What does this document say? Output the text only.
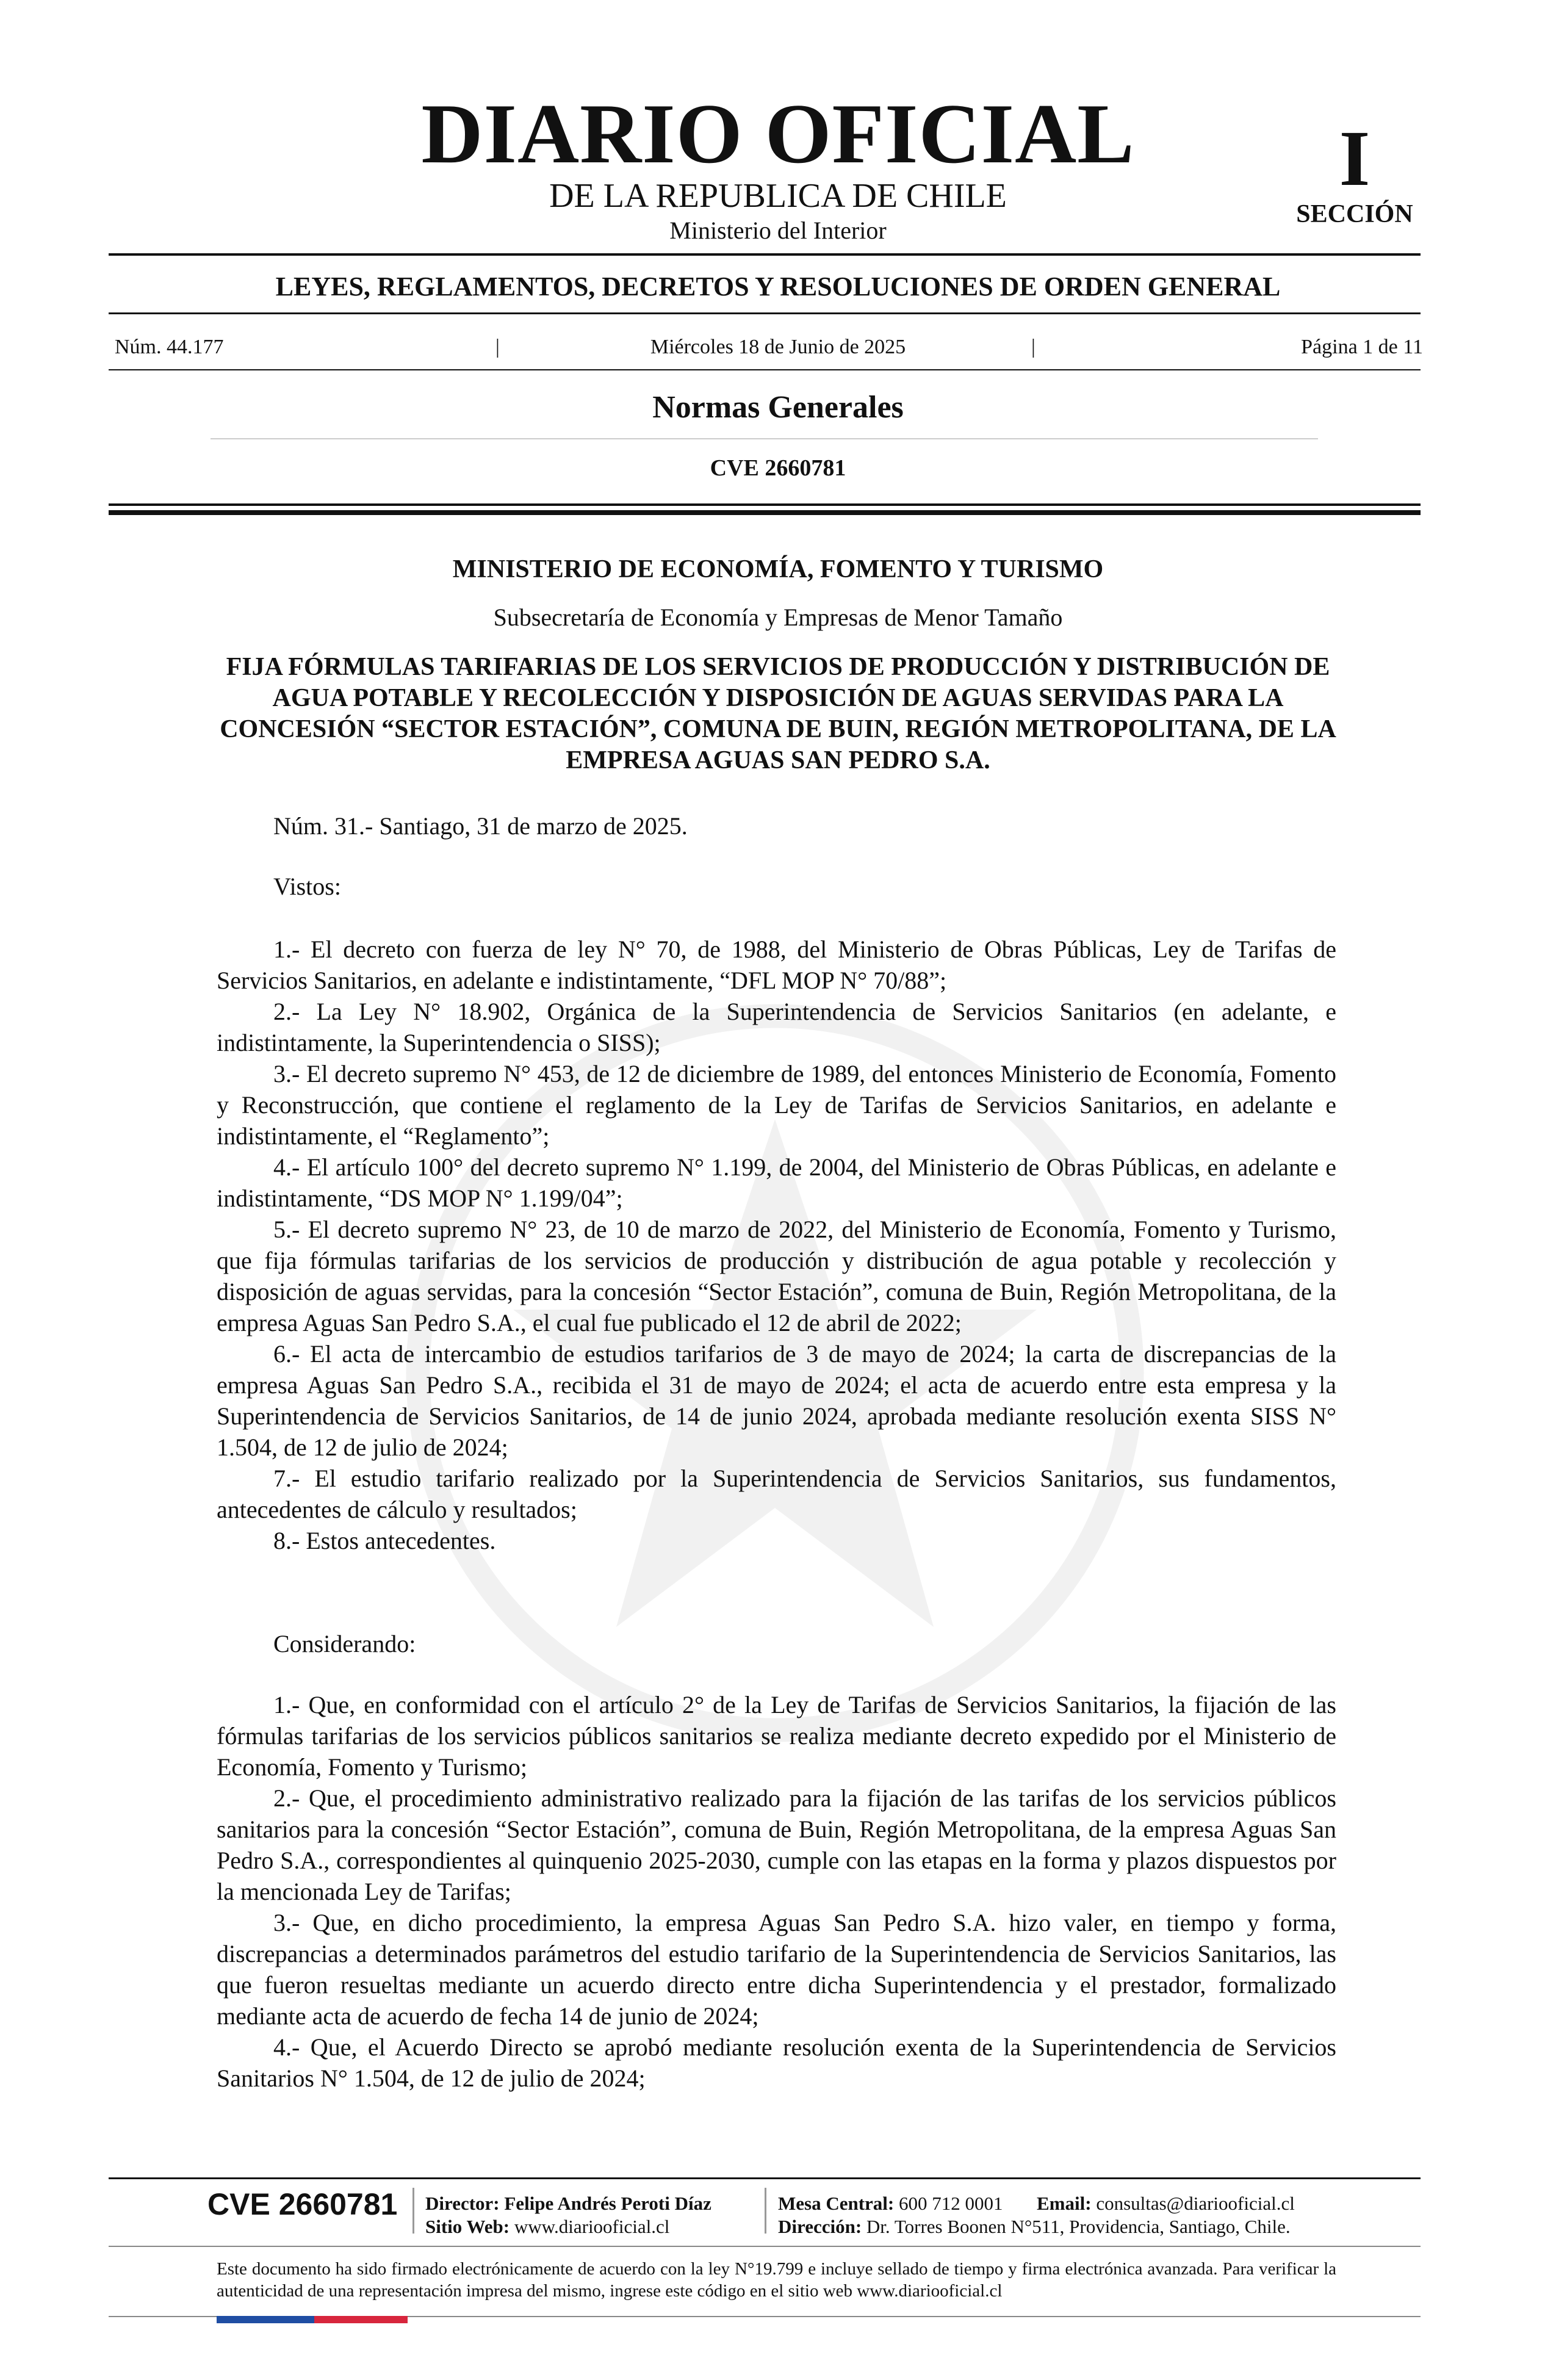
DIARIO OFICIAL
DE LA REPUBLICA DE CHILE
Ministerio del Interior
I
SECCIÓN
LEYES, REGLAMENTOS, DECRETOS Y RESOLUCIONES DE ORDEN GENERAL
Núm. 44.177	|	Miércoles 18 de Junio de 2025	|	Página 1 de 11
Normas Generales
CVE 2660781
MINISTERIO DE ECONOMÍA, FOMENTO Y TURISMO
Subsecretaría de Economía y Empresas de Menor Tamaño
FIJA FÓRMULAS TARIFARIAS DE LOS SERVICIOS DE PRODUCCIÓN Y DISTRIBUCIÓN DE AGUA POTABLE Y RECOLECCIÓN Y DISPOSICIÓN DE AGUAS SERVIDAS PARA LA CONCESIÓN “SECTOR ESTACIÓN”, COMUNA DE BUIN, REGIÓN METROPOLITANA, DE LA EMPRESA AGUAS SAN PEDRO S.A.

Núm. 31.- Santiago, 31 de marzo de 2025.

Vistos:

1.- El decreto con fuerza de ley N° 70, de 1988, del Ministerio de Obras Públicas, Ley de Tarifas de Servicios Sanitarios, en adelante e indistintamente, “DFL MOP N° 70/88”;

2.- La Ley N° 18.902, Orgánica de la Superintendencia de Servicios Sanitarios (en adelante, e indistintamente, la Superintendencia o SISS);

3.- El decreto supremo N° 453, de 12 de diciembre de 1989, del entonces Ministerio de Economía, Fomento y Reconstrucción, que contiene el reglamento de la Ley de Tarifas de Servicios Sanitarios, en adelante e indistintamente, el “Reglamento”;

4.- El artículo 100° del decreto supremo N° 1.199, de 2004, del Ministerio de Obras Públicas, en adelante e indistintamente, “DS MOP N° 1.199/04”;

5.- El decreto supremo N° 23, de 10 de marzo de 2022, del Ministerio de Economía, Fomento y Turismo, que fija fórmulas tarifarias de los servicios de producción y distribución de agua potable y recolección y disposición de aguas servidas, para la concesión “Sector Estación”, comuna de Buin, Región Metropolitana, de la empresa Aguas San Pedro S.A., el cual fue publicado el 12 de abril de 2022;

6.- El acta de intercambio de estudios tarifarios de 3 de mayo de 2024; la carta de discrepancias de la empresa Aguas San Pedro S.A., recibida el 31 de mayo de 2024; el acta de acuerdo entre esta empresa y la Superintendencia de Servicios Sanitarios, de 14 de junio 2024, aprobada mediante resolución exenta SISS N° 1.504, de 12 de julio de 2024;

7.- El estudio tarifario realizado por la Superintendencia de Servicios Sanitarios, sus fundamentos, antecedentes de cálculo y resultados;

8.- Estos antecedentes.

Considerando:

1.- Que, en conformidad con el artículo 2° de la Ley de Tarifas de Servicios Sanitarios, la fijación de las fórmulas tarifarias de los servicios públicos sanitarios se realiza mediante decreto expedido por el Ministerio de Economía, Fomento y Turismo;

2.- Que, el procedimiento administrativo realizado para la fijación de las tarifas de los servicios públicos sanitarios para la concesión “Sector Estación”, comuna de Buin, Región Metropolitana, de la empresa Aguas San Pedro S.A., correspondientes al quinquenio 2025-2030, cumple con las etapas en la forma y plazos dispuestos por la mencionada Ley de Tarifas;

3.- Que, en dicho procedimiento, la empresa Aguas San Pedro S.A. hizo valer, en tiempo y forma, discrepancias a determinados parámetros del estudio tarifario de la Superintendencia de Servicios Sanitarios, las que fueron resueltas mediante un acuerdo directo entre dicha Superintendencia y el prestador, formalizado mediante acta de acuerdo de fecha 14 de junio de 2024;

4.- Que, el Acuerdo Directo se aprobó mediante resolución exenta de la Superintendencia de Servicios Sanitarios N° 1.504, de 12 de julio de 2024;

CVE 2660781 Director: Felipe Andrés Peroti Díaz
Sitio Web: www.diariooficial.cl
Mesa Central: 600 712 0001 Email: consultas@diariooficial.cl
Dirección: Dr. Torres Boonen N°511, Providencia, Santiago, Chile.
Este documento ha sido firmado electrónicamente de acuerdo con la ley N°19.799 e incluye sellado de tiempo y firma electrónica avanzada. Para verificar la autenticidad de una representación impresa del mismo, ingrese este código en el sitio web www.diariooficial.cl
